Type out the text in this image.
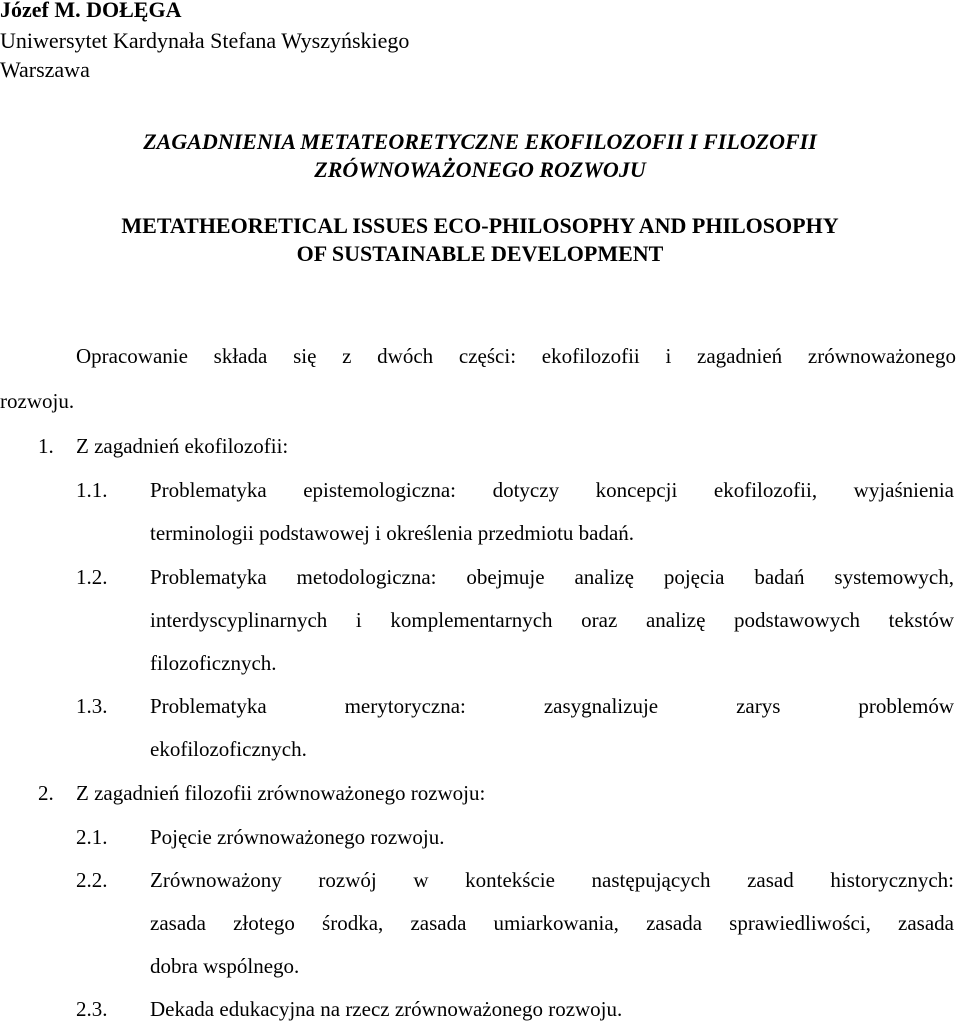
Józef M. DOŁĘGA
Uniwersytet Kardynała Stefana Wyszyńskiego
Warszawa
ZAGADNIENIA METATEORETYCZNE EKOFILOZOFII I FILOZOFII
ZRÓWNOWAŻONEGO ROZWOJU
METATHEORETICAL ISSUES ECO-PHILOSOPHY AND PHILOSOPHY
OF SUSTAINABLE DEVELOPMENT
Opracowanie składa się z dwóch części: ekofilozofii i zagadnień zrównoważonego
rozwoju.
1. Z zagadnień ekofilozofii:
1.1. Problematyka epistemologiczna: dotyczy koncepcji ekofilozofii, wyjaśnienia
terminologii podstawowej i określenia przedmiotu badań.
1.2. Problematyka metodologiczna: obejmuje analizę pojęcia badań systemowych,
interdyscyplinarnych i komplementarnych oraz analizę podstawowych tekstów
filozoficznych.
1.3. Problematyka merytoryczna: zasygnalizuje zarys problemów
ekofilozoficznych.
2. Z zagadnień filozofii zrównoważonego rozwoju:
2.1. Pojęcie zrównoważonego rozwoju.
2.2. Zrównoważony rozwój w kontekście następujących zasad historycznych:
zasada złotego środka, zasada umiarkowania, zasada sprawiedliwości, zasada
dobra wspólnego.
2.3. Dekada edukacyjna na rzecz zrównoważonego rozwoju.
